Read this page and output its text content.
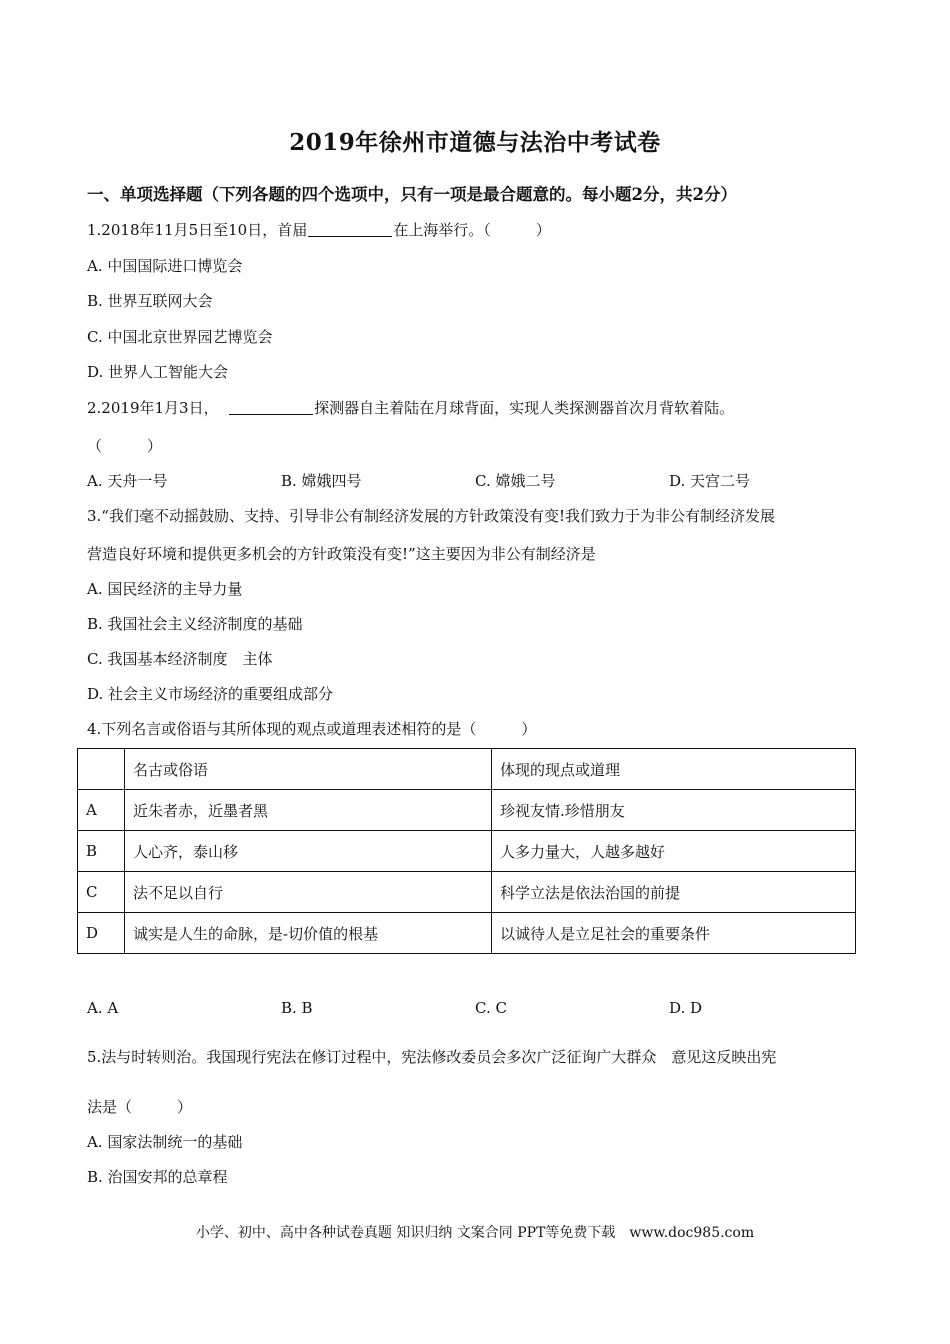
2019年徐州市道德与法治中考试卷
一、单项选择题（下列各题的四个选项中，只有一项是最合题意的。每小题2分，共2分）
1.2018年11月5日至10日，首届	在上海举行。（　　　）
A. 中国国际进口博览会
B. 世界互联网大会
C. 中国北京世界园艺博览会
D. 世界人工智能大会
2.2019年1月3日，	探测器自主着陆在月球背面，实现人类探测器首次月背软着陆。
（　　　）
A. 天舟一号	B. 嫦娥四号	C. 嫦娥二号	D. 天宫二号
3.“我们毫不动摇鼓励、支持、引导非公有制经济发展的方针政策没有变!我们致力于为非公有制经济发展
营造良好环境和提供更多机会的方针政策没有变!”这主要因为非公有制经济是
A. 国民经济的主导力量
B. 我国社会主义经济制度的基础
C. 我国基本经济制度　主体
D. 社会主义市场经济的重要组成部分
4.下列名言或俗语与其所体现的观点或道理表述相符的是（　　　）
	名古或俗语	体现的现点或道理
A	近朱者赤，近墨者黑	珍视友情.珍惜朋友
B	人心齐，泰山移	人多力量大，人越多越好
C	法不足以自行	科学立法是依法治国的前提
D	诚实是人生的命脉，是-切价值的根基	以诚待人是立足社会的重要条件
A. A	B. B	C. C	D. D
5.法与时转则治。我国现行宪法在修订过程中，宪法修改委员会多次广泛征询广大群众　意见这反映出宪
法是（　　　）
A. 国家法制统一的基础
B. 治国安邦的总章程
小学、初中、高中各种试卷真题 知识归纳 文案合同 PPT等免费下载　www.doc985.com
